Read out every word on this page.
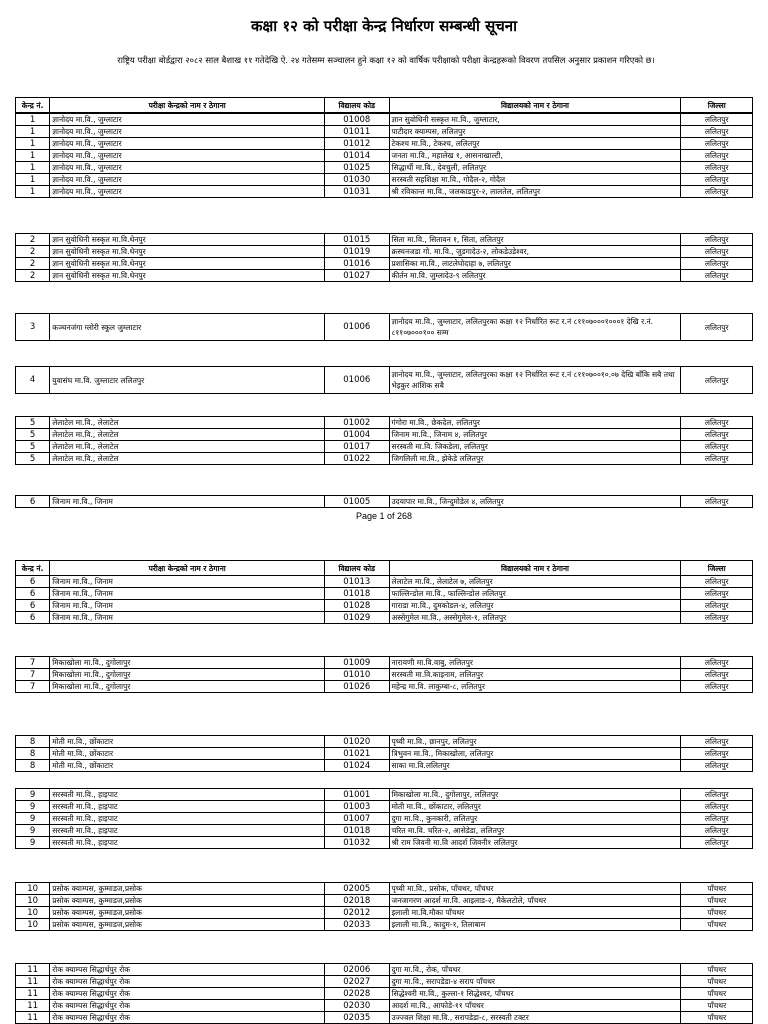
कक्षा १२ को परीक्षा केन्द्र निर्धारण सम्बन्धी सूचना
राष्ट्रिय परीक्षा बोर्डद्वारा २०८२ साल बैशाख ११ गतेदेखि ऐ. २४ गतेसम्म सञ्चालन हुने कक्षा १२ को वार्षिक परीक्षाको परीक्षा केन्द्रहरूको विवरण तपसिल अनुसार प्रकाशन गरिएको छ।
केन्द्र नं.	परीक्षा केन्द्रको नाम र ठेगाना	विद्यालय कोड	विद्यालयको नाम र ठेगाना	जिल्ला
केन्द्र नं.	परीक्षा केन्द्रको नाम र ठेगाना	विद्यालय कोड	विद्यालयको नाम र ठेगाना	जिल्ला
1	ज्ञानोदय मा.वि., जुम्लाटार	01008	ज्ञान सुवोधिनी सस्कृत मा.वि., जुम्लाटार,	ललितपुर
1	ज्ञानोदय मा.वि., जुम्लाटार	01011	पाटीदार क्याम्पस, ललितपुर	ललितपुर
1	ज्ञानोदय मा.वि., जुम्लाटार	01012	टेकश्च मा.वि., टेकश्च, ललितपुर	ललितपुर
1	ज्ञानोदय मा.वि., जुम्लाटार	01014	जनता मा.वि., महालेख १, आसनाखाल्टी,	ललितपुर
1	ज्ञानोदय मा.वि., जुम्लाटार	01025	सिद्धार्थी मा.वि., देवचुली, ललितपुर	ललितपुर
1	ज्ञानोदय मा.वि., जुम्लाटार	01030	सरस्वती सहशिक्षा मा.वि., गोदैल-२, गोदैल	ललितपुर
1	ज्ञानोदय मा.वि., जुम्लाटार	01031	श्री रविकान्त मा.वि., जलकाडपुर-२, लालतेल, ललितपुर	ललितपुर
2	ज्ञान सुवोधिनी सस्कृत मा.वि.थेनपुर	01015	सिता मा.वि., सितावन १, सिता, ललितपुर	ललितपुर
2	ज्ञान सुवोधिनी सस्कृत मा.वि.थेनपुर	01019	क्रस्चनजडा गो. मा.वि., जुडगादेउ-२, लोकडेउडेश्वर,	ललितपुर
2	ज्ञान सुवोधिनी सस्कृत मा.वि.थेनपुर	01016	प्रशासिका मा.वि., लाटलेघोदाहा ७, ललितपुर	ललितपुर
2	ज्ञान सुवोधिनी सस्कृत मा.वि.थेनपुर	01027	कीर्तन मा.वि. जुम्लादेउ-९ ललितपुर	ललितपुर
3	कञ्चनजंगा ग्लोरी स्कूल जुम्लाटार	01006	ज्ञानोदय मा.वि., जुम्लाटार, ललितपुरका कक्षा १२ निर्धारित रूट र.नं ८११०७०००१०००१ देखि र.नं. ८११०७०००१०० सम्म	ललितपुर
4	युवासंघ मा.वि. जुम्लाटार ललितपुर	01006	ज्ञानोदय मा.वि., जुम्लाटार, ललितपुरका कक्षा १२ निर्धारित रूट र.नं ८११०७००१०.०७ देखि बाँकि सबै तथा भेइकुर आंशिक सबै	ललितपुर
5	लेलाटेल मा.वि., लेलाटेल	01002	गंगोरा मा.वि., छेकदेल, ललितपुर	ललितपुर
5	लेलाटेल मा.वि., लेलाटेल	01004	जिनाम मा.वि., जिनाम ४, ललितपुर	ललितपुर
5	लेलाटेल मा.वि., लेलाटेल	01017	सरस्वती मा.वि. जिकडेला, ललितपुर	ललितपुर
5	लेलाटेल मा.वि., लेलाटेल	01022	जिगलिली मा.वि., झेकेडे ललितपुर	ललितपुर
6	जिनाम मा.वि., जिनाम	01005	उदयापार मा.वि., जिन्दुमोडेल ४, ललितपुर	ललितपुर
6	जिनाम मा.वि., जिनाम	01013	लेलाटेल मा.वि., लेलाटेल ७, ललितपुर	ललितपुर
6	जिनाम मा.वि., जिनाम	01018	फाल्लिन्डोल मा.वि., फाल्लिन्डोल ललितपुर	ललितपुर
6	जिनाम मा.वि., जिनाम	01028	गाराडा मा.वि., दुमकोडल-४, ललितपुर	ललितपुर
6	जिनाम मा.वि., जिनाम	01029	अस्सेगुमेल मा.वि., अस्सेगुमेल-१, ललितपुर	ललितपुर
7	मिकाखोला मा.वि., दुगोलापुर	01009	नारायणी मा.वि.वाबु, ललितपुर	ललितपुर
7	मिकाखोला मा.वि., दुगोलापुर	01010	सरस्वती मा.वि.काइनाम, ललितपुर	ललितपुर
7	मिकाखोला मा.वि., दुगोलापुर	01026	महेन्द्र मा.वि. लाकुम्बा-८, ललितपुर	ललितपुर
8	मोती मा.वि., छोंकाटार	01020	पृथ्वी मा.वि., छानपुर, ललितपुर	ललितपुर
8	मोती मा.वि., छोंकाटार	01021	त्रिभुवन मा.वि., मिकाखोला, ललितपुर	ललितपुर
8	मोती मा.वि., छोंकाटार	01024	साका मा.वि.ललितपुर	ललितपुर
9	सरस्वती मा.वि., हाइपाट	01001	मिकाखोला मा.वि., दुगोलापुर, ललितपुर	ललितपुर
9	सरस्वती मा.वि., हाइपाट	01003	मोती मा.वि., छोंकाटार, ललितपुर	ललितपुर
9	सरस्वती मा.वि., हाइपाट	01007	दुगा मा.वि., कुनकारी, ललितपुर	ललितपुर
9	सरस्वती मा.वि., हाइपाट	01018	चरित मा.वि. चरित-२, आसेडेडा, ललितपुर	ललितपुर
9	सरस्वती मा.वि., हाइपाट	01032	श्री राम जिवनी मा.वि आदर्श जिवनी१ ललितपुर	ललितपुर
10	प्रसोक क्याम्पस, कुम्माडज,प्रसोक	02005	पृथ्वी मा.वि., प्रसोक, पाँचथर, पाँचथर	पाँचथर
10	प्रसोक क्याम्पस, कुम्माडज,प्रसोक	02018	जनजागरण आदर्श मा.वि. आइलाड-२, मैकेलटोले, पाँचथर	पाँचथर
10	प्रसोक क्याम्पस, कुम्माडज,प्रसोक	02012	इलाली मा.वि.मौका पाँचथर	पाँचथर
10	प्रसोक क्याम्पस, कुम्माडज,प्रसोक	02033	इलाली मा.वि., कादुम-१, तिलाबाम	पाँचथर
11	रोक क्याम्पस सिद्धार्थपुर रोक	02006	दुगा मा.वि., रोक, पाँचथर	पाँचथर
11	रोक क्याम्पस सिद्धार्थपुर रोक	02027	दुगा मा.वि., सरापडेडा-४ सराप पाँचथर	पाँचथर
11	रोक क्याम्पस सिद्धार्थपुर रोक	02028	सिद्धेश्वरी मा.वि., कुल्ला-१ सिद्धेश्वर, पाँचथर	पाँचथर
11	रोक क्याम्पस सिद्धार्थपुर रोक	02030	आदर्श मा.वि., आफोडे-११ पाँचथर	पाँचथर
11	रोक क्याम्पस सिद्धार्थपुर रोक	02035	उज्ज्वल शिक्षा मा.वि., सरापडेडा-८, सरस्वती टक्टर	पाँचथर
Page 1 of 268
